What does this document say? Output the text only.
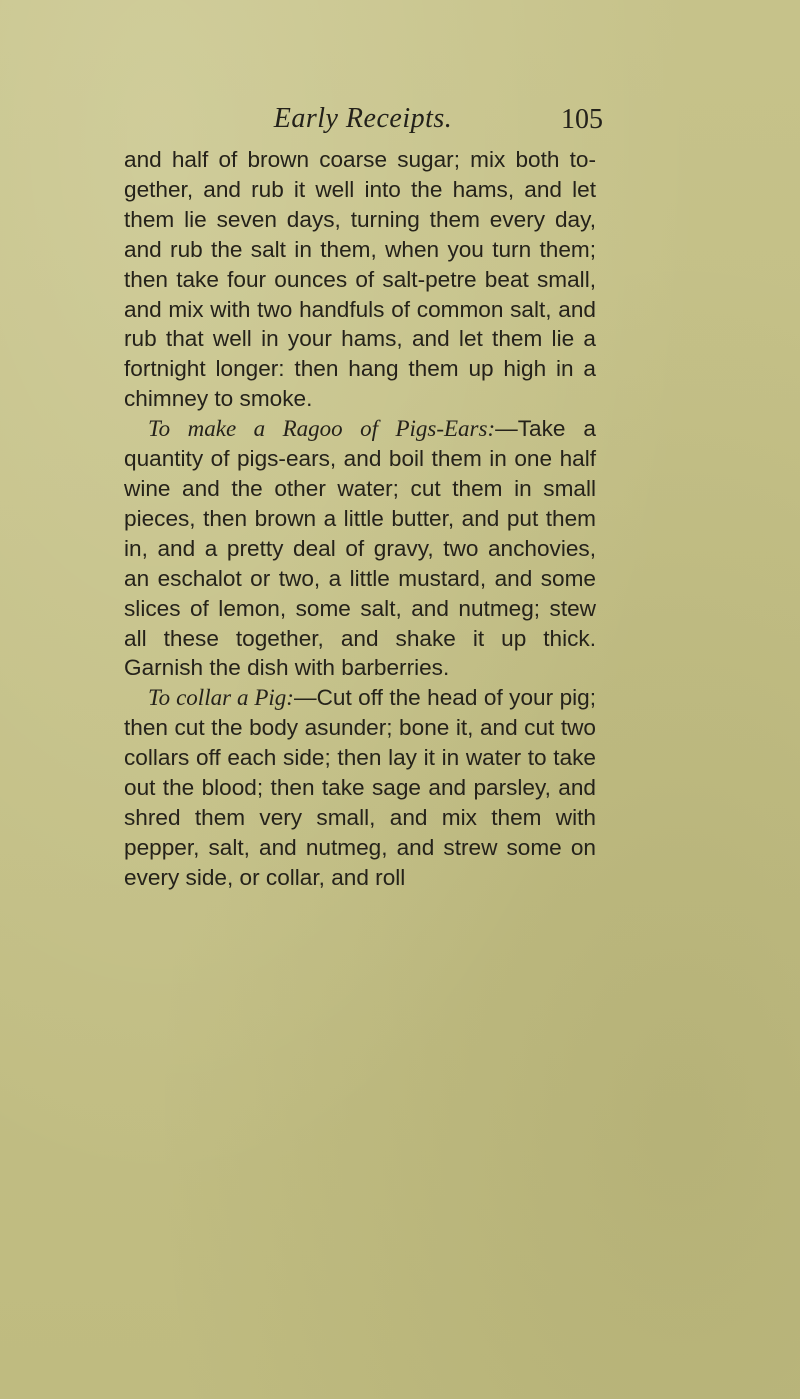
Early Receipts.	105

and half of brown coarse sugar; mix both together, and rub it well into the hams, and let them lie seven days, turning them every day, and rub the salt in them, when you turn them; then take four ounces of salt-petre beat small, and mix with two handfuls of common salt, and rub that well in your hams, and let them lie a fortnight longer: then hang them up high in a chimney to smoke.

To make a Ragoo of Pigs-Ears:—Take a quantity of pigs-ears, and boil them in one half wine and the other water; cut them in small pieces, then brown a little butter, and put them in, and a pretty deal of gravy, two anchovies, an eschalot or two, a little mustard, and some slices of lemon, some salt, and nutmeg; stew all these together, and shake it up thick. Garnish the dish with barberries.

To collar a Pig:—Cut off the head of your pig; then cut the body asunder; bone it, and cut two collars off each side; then lay it in water to take out the blood; then take sage and parsley, and shred them very small, and mix them with pepper, salt, and nutmeg, and strew some on every side, or collar, and roll
